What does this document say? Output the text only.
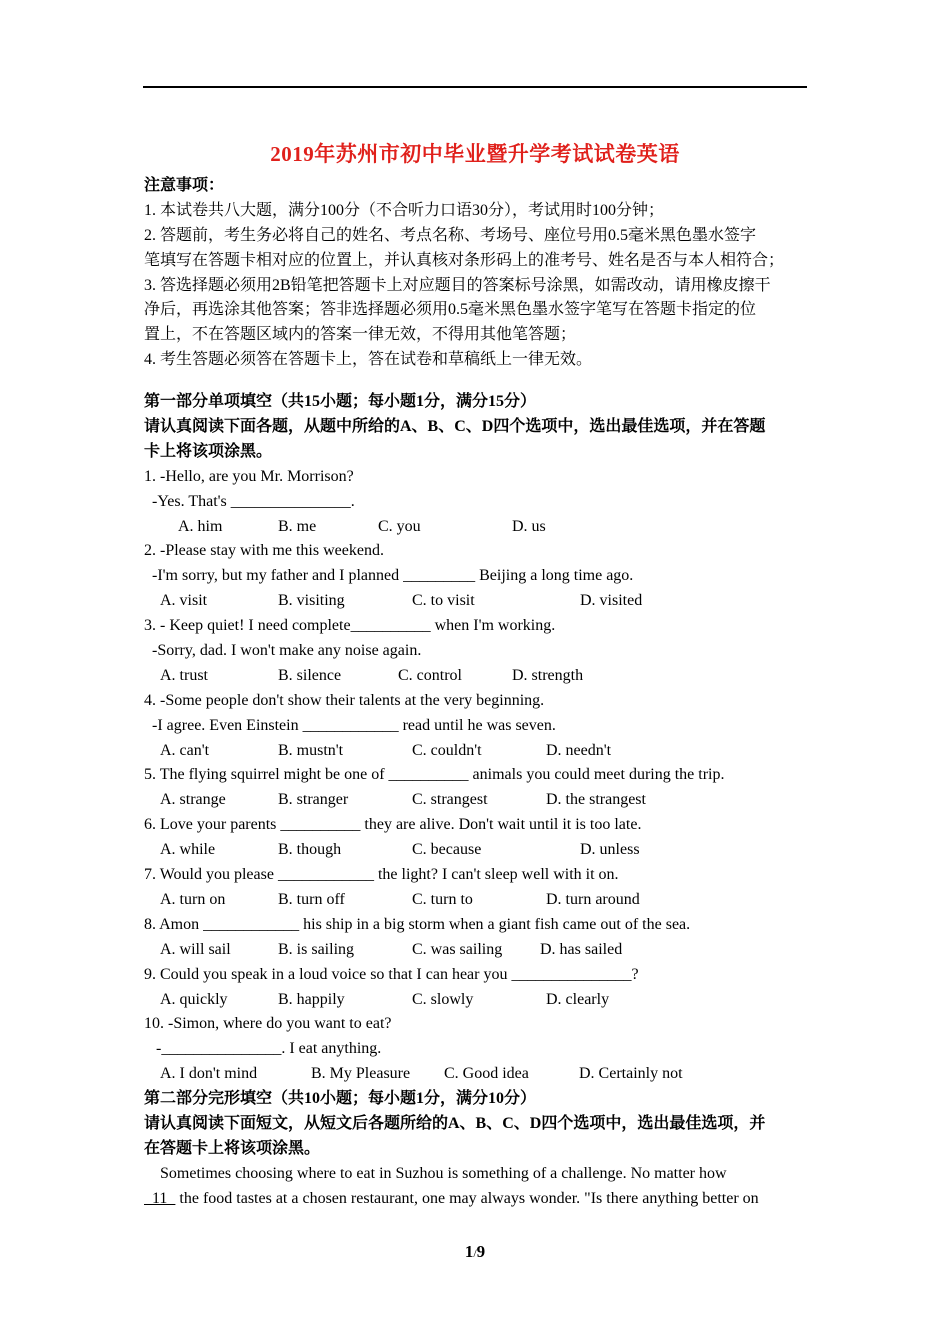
2019年苏州市初中毕业暨升学考试试卷英语
注意事项：
1. 本试卷共八大题，满分100分（不合听力口语30分），考试用时100分钟；
2. 答题前，考生务必将自己的姓名、考点名称、考场号、座位号用0.5毫米黑色墨水签字
笔填写在答题卡相对应的位置上，并认真核对条形码上的准考号、姓名是否与本人相符合；
3. 答选择题必须用2B铅笔把答题卡上对应题目的答案标号涂黑，如需改动，请用橡皮擦干
净后，再选涂其他答案；答非选择题必须用0.5毫米黑色墨水签字笔写在答题卡指定的位
置上，不在答题区域内的答案一律无效，不得用其他笔答题；
4. 考生答题必须答在答题卡上，答在试卷和草稿纸上一律无效。
第一部分单项填空（共15小题；每小题1分，满分15分）
请认真阅读下面各题，从题中所给的A、B、C、D四个选项中，选出最佳选项，并在答题
卡上将该项涂黑。
1. -Hello, are you Mr. Morrison?
-Yes. That's _______________.
A. him	B. me	C. you	D. us
2. -Please stay with me this weekend.
-I'm sorry, but my father and I planned _________ Beijing a long time ago.
A. visit	B. visiting	C. to visit	D. visited
3. - Keep quiet! I need complete__________ when I'm working.
-Sorry, dad. I won't make any noise again.
A. trust	B. silence	C. control	D. strength
4. -Some people don't show their talents at the very beginning.
-I agree. Even Einstein ____________ read until he was seven.
A. can't	B. mustn't	C. couldn't	D. needn't
5. The flying squirrel might be one of __________ animals you could meet during the trip.
A. strange	B. stranger	C. strangest	D. the strangest
6. Love your parents __________ they are alive. Don't wait until it is too late.
A. while	B. though	C. because	D. unless
7. Would you please ____________ the light? I can't sleep well with it on.
A. turn on	B. turn off	C. turn to	D. turn around
8. Amon ____________ his ship in a big storm when a giant fish came out of the sea.
A. will sail	B. is sailing	C. was sailing	D. has sailed
9. Could you speak in a loud voice so that I can hear you _______________?
A. quickly	B. happily	C. slowly	D. clearly
10. -Simon, where do you want to eat?
-_______________. I eat anything.
A. I don't mind	B. My Pleasure	C. Good idea	D. Certainly not
第二部分完形填空（共10小题；每小题1分，满分10分）
请认真阅读下面短文，从短文后各题所给的A、B、C、D四个选项中，选出最佳选项，并
在答题卡上将该项涂黑。
Sometimes choosing where to eat in Suzhou is something of a challenge. No matter how
11   the food tastes at a chosen restaurant, one may always wonder. "Is there anything better on
1/9
